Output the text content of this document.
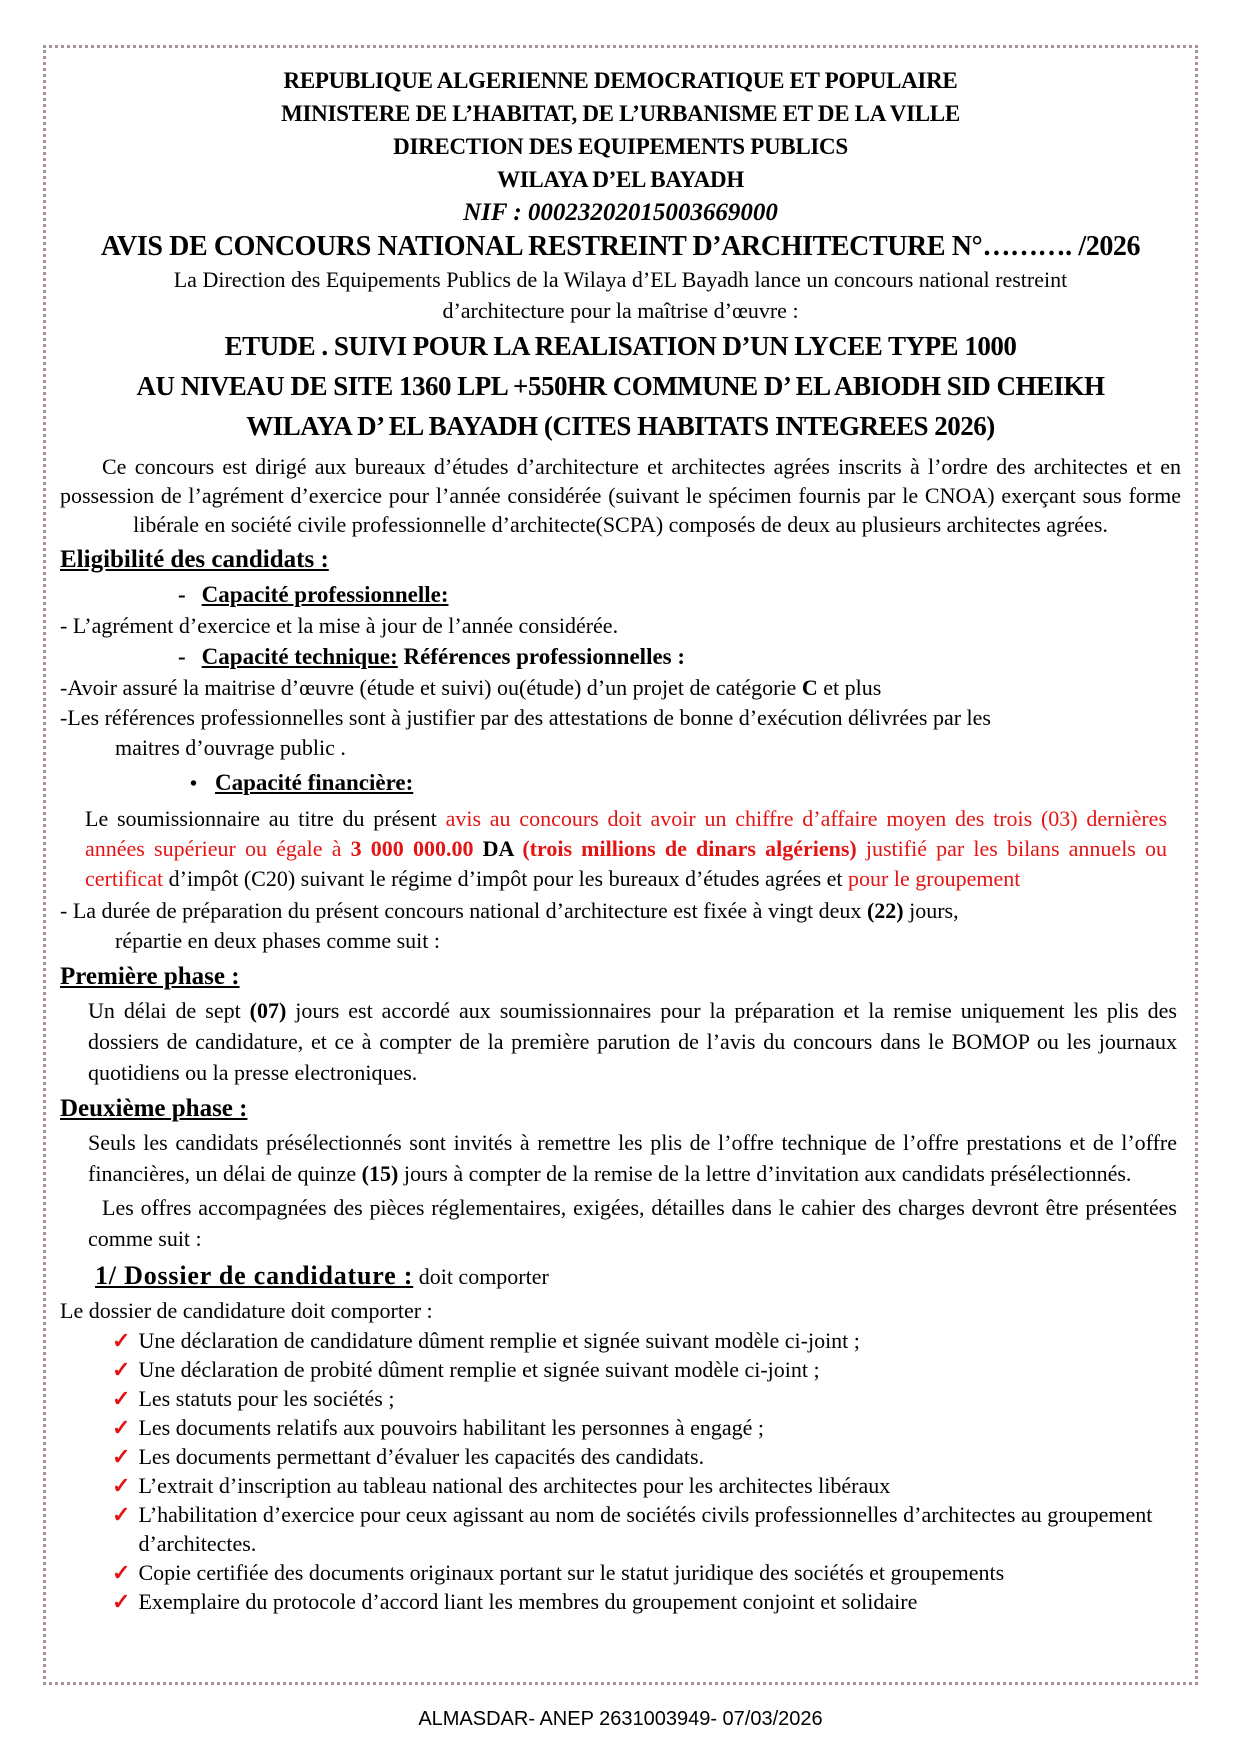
REPUBLIQUE ALGERIENNE DEMOCRATIQUE ET POPULAIRE
MINISTERE DE L’HABITAT, DE L’URBANISME ET DE LA VILLE
DIRECTION DES EQUIPEMENTS PUBLICS
WILAYA D’EL BAYADH
NIF : 00023202015003669000
AVIS DE CONCOURS NATIONAL RESTREINT D’ARCHITECTURE N°………. /2026
La Direction des Equipements Publics de la Wilaya d’EL Bayadh lance un concours national restreint
d’architecture pour la maîtrise d’œuvre :
ETUDE . SUIVI POUR LA REALISATION D’UN LYCEE TYPE 1000
AU NIVEAU DE SITE 1360 LPL +550HR COMMUNE D’ EL ABIODH SID CHEIKH
WILAYA D’ EL BAYADH (CITES HABITATS INTEGREES 2026)

Ce concours est dirigé aux bureaux d’études d’architecture et architectes agrées inscrits à l’ordre des architectes et en possession de l’agrément d’exercice pour l’année considérée (suivant le spécimen fournis par le CNOA) exerçant sous forme libérale en société civile professionnelle d’architecte(SCPA) composés de deux au plusieurs architectes agrées.

Eligibilité des candidats :
- Capacité professionnelle:
- L’agrément d’exercice et la mise à jour de l’année considérée.
- Capacité technique: Références professionnelles :
-Avoir assuré la maitrise d’œuvre (étude et suivi) ou(étude) d’un projet de catégorie C et plus
-Les références professionnelles sont à justifier par des attestations de bonne d’exécution délivrées par les
maitres d’ouvrage public .
• Capacité financière:

Le soumissionnaire au titre du présent avis au concours doit avoir un chiffre d’affaire moyen des trois (03) dernières années supérieur ou égale à 3 000 000.00 DA (trois millions de dinars algériens) justifié par les bilans annuels ou certificat d’impôt (C20) suivant le régime d’impôt pour les bureaux d’études agrées et pour le groupement

- La durée de préparation du présent concours national d’architecture est fixée à vingt deux (22) jours,
répartie en deux phases comme suit :
Première phase :

Un délai de sept (07) jours est accordé aux soumissionnaires pour la préparation et la remise uniquement les plis des dossiers de candidature, et ce à compter de la première parution de l’avis du concours dans le BOMOP ou les journaux quotidiens ou la presse electroniques.

Deuxième phase :

Seuls les candidats présélectionnés sont invités à remettre les plis de l’offre technique de l’offre prestations et de l’offre financières, un délai de quinze (15) jours à compter de la remise de la lettre d’invitation aux candidats présélectionnés.

Les offres accompagnées des pièces réglementaires, exigées, détailles dans le cahier des charges devront être présentées comme suit :

1/ Dossier de candidature : doit comporter
Le dossier de candidature doit comporter :
✓ Une déclaration de candidature dûment remplie et signée suivant modèle ci-joint ;
✓ Une déclaration de probité dûment remplie et signée suivant modèle ci-joint ;
✓ Les statuts pour les sociétés ;
✓ Les documents relatifs aux pouvoirs habilitant les personnes à engagé ;
✓ Les documents permettant d’évaluer les capacités des candidats.
✓ L’extrait d’inscription au tableau national des architectes pour les architectes libéraux
✓ L’habilitation d’exercice pour ceux agissant au nom de sociétés civils professionnelles d’architectes au groupement d’architectes.
✓ Copie certifiée des documents originaux portant sur le statut juridique des sociétés et groupements
✓ Exemplaire du protocole d’accord liant les membres du groupement conjoint et solidaire
ALMASDAR- ANEP 2631003949- 07/03/2026
